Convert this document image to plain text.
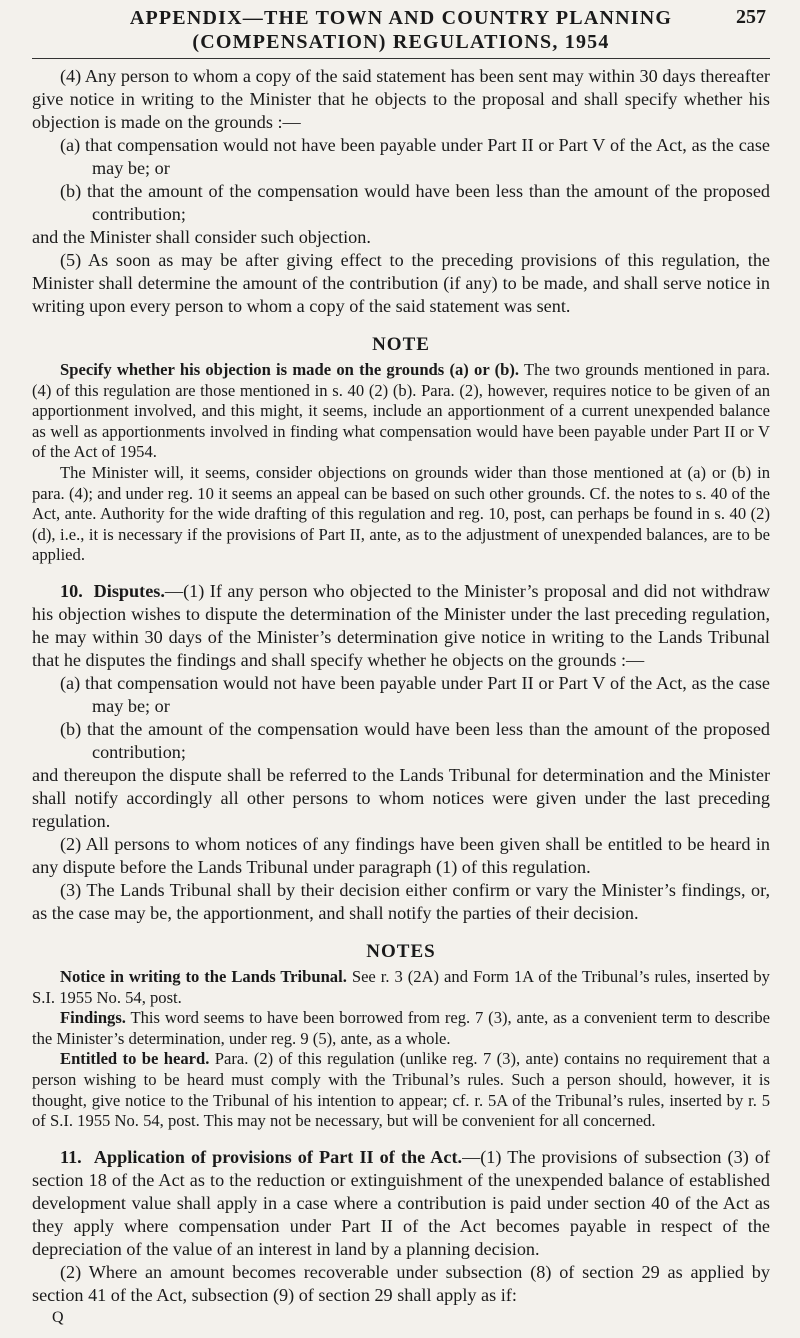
APPENDIX—THE TOWN AND COUNTRY PLANNING
(COMPENSATION) REGULATIONS, 1954
257

(4) Any person to whom a copy of the said statement has been sent may within 30 days thereafter give notice in writing to the Minister that he objects to the proposal and shall specify whether his objection is made on the grounds :—

(a) that compensation would not have been payable under Part II or Part V of the Act, as the case may be; or

(b) that the amount of the compensation would have been less than the amount of the proposed contribution;

and the Minister shall consider such objection.

(5) As soon as may be after giving effect to the preceding provisions of this regulation, the Minister shall determine the amount of the contribution (if any) to be made, and shall serve notice in writing upon every person to whom a copy of the said statement was sent.

NOTE

Specify whether his objection is made on the grounds (a) or (b). The two grounds mentioned in para. (4) of this regulation are those mentioned in s. 40 (2) (b). Para. (2), however, requires notice to be given of an apportionment involved, and this might, it seems, include an apportionment of a current unexpended balance as well as apportionments involved in finding what compensation would have been payable under Part II or V of the Act of 1954.

The Minister will, it seems, consider objections on grounds wider than those mentioned at (a) or (b) in para. (4); and under reg. 10 it seems an appeal can be based on such other grounds. Cf. the notes to s. 40 of the Act, ante. Authority for the wide drafting of this regulation and reg. 10, post, can perhaps be found in s. 40 (2) (d), i.e., it is necessary if the provisions of Part II, ante, as to the adjustment of unexpended balances, are to be applied.

10. Disputes.—(1) If any person who objected to the Minister’s proposal and did not withdraw his objection wishes to dispute the determination of the Minister under the last preceding regulation, he may within 30 days of the Minister’s determination give notice in writing to the Lands Tribunal that he disputes the findings and shall specify whether he objects on the grounds :—

(a) that compensation would not have been payable under Part II or Part V of the Act, as the case may be; or

(b) that the amount of the compensation would have been less than the amount of the proposed contribution;

and thereupon the dispute shall be referred to the Lands Tribunal for determination and the Minister shall notify accordingly all other persons to whom notices were given under the last preceding regulation.

(2) All persons to whom notices of any findings have been given shall be entitled to be heard in any dispute before the Lands Tribunal under paragraph (1) of this regulation.

(3) The Lands Tribunal shall by their decision either confirm or vary the Minister’s findings, or, as the case may be, the apportionment, and shall notify the parties of their decision.

NOTES

Notice in writing to the Lands Tribunal. See r. 3 (2A) and Form 1A of the Tribunal’s rules, inserted by S.I. 1955 No. 54, post.

Findings. This word seems to have been borrowed from reg. 7 (3), ante, as a convenient term to describe the Minister’s determination, under reg. 9 (5), ante, as a whole.

Entitled to be heard. Para. (2) of this regulation (unlike reg. 7 (3), ante) contains no requirement that a person wishing to be heard must comply with the Tribunal’s rules. Such a person should, however, it is thought, give notice to the Tribunal of his intention to appear; cf. r. 5A of the Tribunal’s rules, inserted by r. 5 of S.I. 1955 No. 54, post. This may not be necessary, but will be convenient for all concerned.

11. Application of provisions of Part II of the Act.—(1) The provisions of subsection (3) of section 18 of the Act as to the reduction or extinguishment of the unexpended balance of established development value shall apply in a case where a contribution is paid under section 40 of the Act as they apply where compensation under Part II of the Act becomes payable in respect of the depreciation of the value of an interest in land by a planning decision.

(2) Where an amount becomes recoverable under subsection (8) of section 29 as applied by section 41 of the Act, subsection (9) of section 29 shall apply as if:

Q
